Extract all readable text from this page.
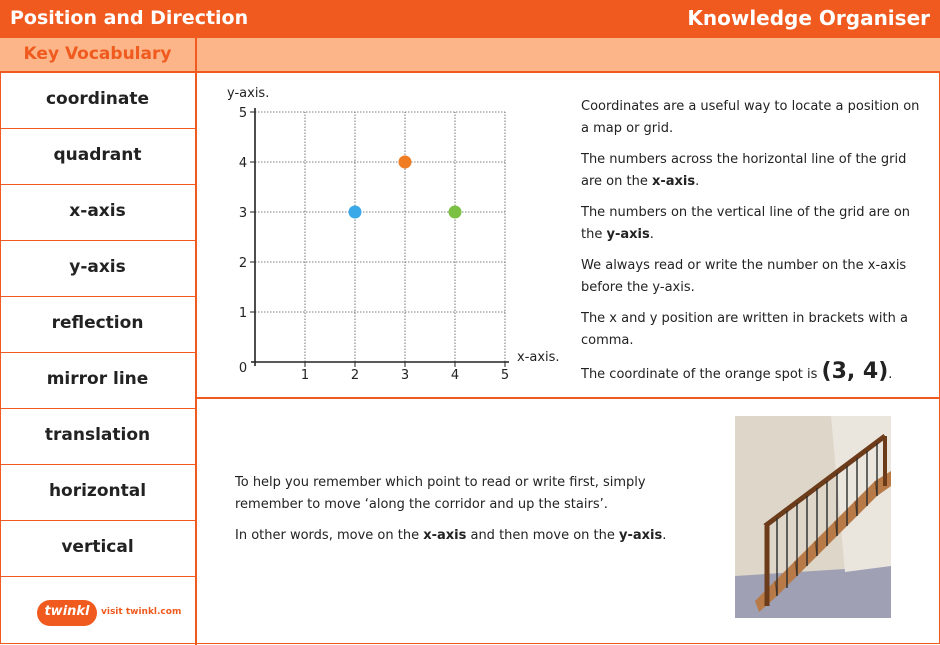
Position and Direction	Knowledge Organiser
Key Vocabulary
coordinate
quadrant
x-axis
y-axis
reflection
mirror line
translation
horizontal
vertical
twinkl	visit twinkl.com
1	2	3	4	5
1
2
3
4
5
0
y-axis.
x-axis.

Coordinates are a useful way to locate a position on a map or grid.

The numbers across the horizontal line of the grid are on the x-axis.

The numbers on the vertical line of the grid are on the y-axis.

We always read or write the number on the x-axis before the y-axis.

The x and y position are written in brackets with a comma.

The coordinate of the orange spot is (3, 4).

To help you remember which point to read or write first, simply remember to move ‘along the corridor and up the stairs’.

In other words, move on the x-axis and then move on the y-axis.
